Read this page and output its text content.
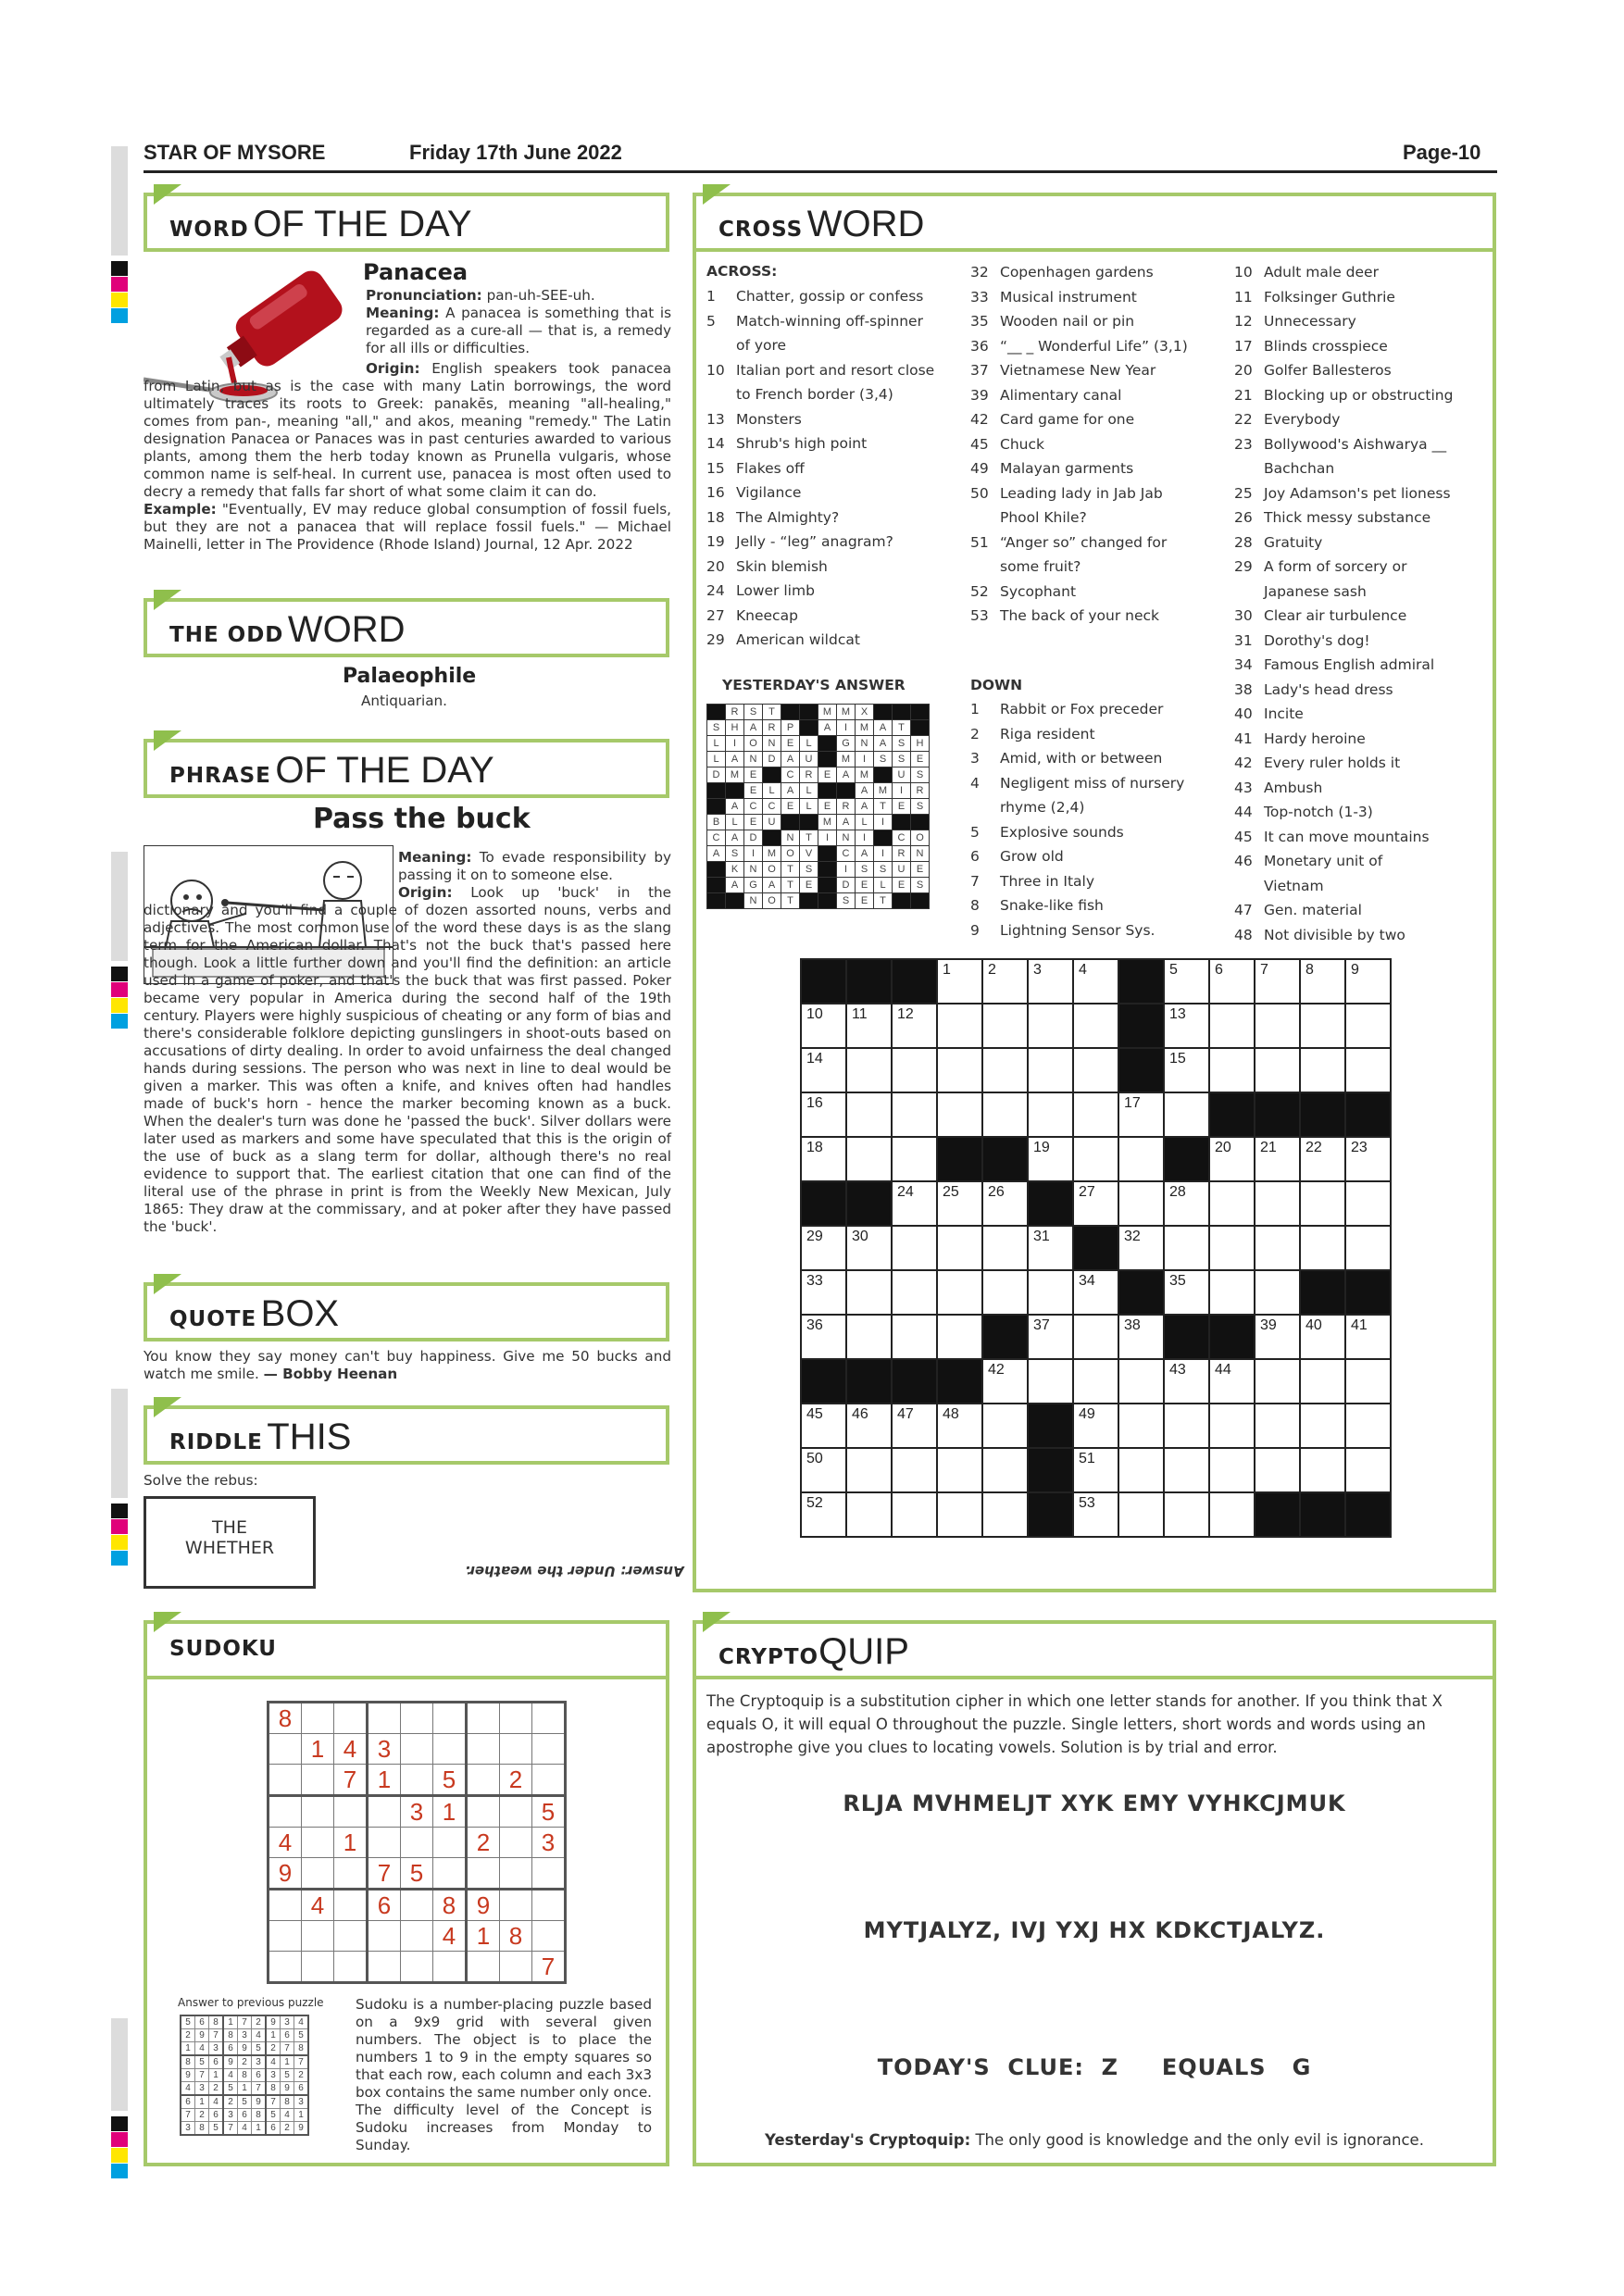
STAR OF MYSORE	Friday 17th June 2022	Page-10
WORD OF THE DAY
Panacea
Pronunciation: pan-uh-SEE-uh.
Meaning: A panacea is something that is regarded as a cure-all — that is, a remedy for all ills or difficulties.
Origin: English speakers took panacea from Latin, but as is the case with many Latin borrowings, the word ultimately traces its roots to Greek: panakēs, meaning "all-healing," comes from pan-, meaning "all," and akos, meaning "remedy." The Latin designation Panacea or Panaces was in past centuries awarded to various plants, among them the herb today known as Prunella vulgaris, whose common name is self-heal. In current use, panacea is most often used to decry a remedy that falls far short of what some claim it can do.
Example: "Eventually, EV may reduce global consumption of fossil fuels, but they are not a panacea that will replace fossil fuels." — Michael Mainelli, letter in The Providence (Rhode Island) Journal, 12 Apr. 2022
THE ODD WORD
Palaeophile
Antiquarian.
PHRASE OF THE DAY
Pass the buck
Meaning: To evade responsibility by passing it on to someone else.
Origin: Look up 'buck' in the dictionary and you'll find a couple of dozen assorted nouns, verbs and adjectives. The most common use of the word these days is as the slang term for the American dollar. That's not the buck that's passed here though. Look a little further down and you'll find the definition: an article used in a game of poker, and that's the buck that was first passed. Poker became very popular in America during the second half of the 19th century. Players were highly suspicious of cheating or any form of bias and there's considerable folklore depicting gunslingers in shoot-outs based on accusations of dirty dealing. In order to avoid unfairness the deal changed hands during sessions. The person who was next in line to deal would be given a marker. This was often a knife, and knives often had handles made of buck's horn - hence the marker becoming known as a buck. When the dealer's turn was done he 'passed the buck'. Silver dollars were later used as markers and some have speculated that this is the origin of the use of buck as a slang term for dollar, although there's no real evidence to support that. The earliest citation that one can find of the literal use of the phrase in print is from the Weekly New Mexican, July 1865: They draw at the commissary, and at poker after they have passed the 'buck'.
QUOTE BOX
You know they say money can't buy happiness. Give me 50 bucks and watch me smile. — Bobby Heenan
RIDDLE THIS
Solve the rebus:
THE
WHETHER
Answer: Under the weather.
SUDOKU
8								
	1	4	3					
		7	1		5		2	
				3	1			5
4		1				2		3
9			7	5				
	4		6		8	9		
					4	1	8	
								7
Answer to previous puzzle
5	6	8	1	7	2	9	3	4
2	9	7	8	3	4	1	6	5
1	4	3	6	9	5	2	7	8
8	5	6	9	2	3	4	1	7
9	7	1	4	8	6	3	5	2
4	3	2	5	1	7	8	9	6
6	1	4	2	5	9	7	8	3
7	2	6	3	6	8	5	4	1
3	8	5	7	4	1	6	2	9
Sudoku is a number-placing puzzle based on a 9x9 grid with several given numbers. The object is to place the numbers 1 to 9 in the empty squares so that each row, each column and each 3x3 box contains the same number only once. The difficulty level of the Concept is Sudoku increases from Monday to Sunday.
CROSS WORD
ACROSS:
1 Chatter, gossip or confess
5 Match-winning off-spinner
of yore
10 Italian port and resort close
to French border (3,4)
13 Monsters
14 Shrub's high point
15 Flakes off
16 Vigilance
18 The Almighty?
19 Jelly - “leg” anagram?
20 Skin blemish
24 Lower limb
27 Kneecap
29 American wildcat
32 Copenhagen gardens
33 Musical instrument
35 Wooden nail or pin
36 “__ _ Wonderful Life” (3,1)
37 Vietnamese New Year
39 Alimentary canal
42 Card game for one
45 Chuck
49 Malayan garments
50 Leading lady in Jab Jab
Phool Khile?
51 “Anger so” changed for
some fruit?
52 Sycophant
53 The back of your neck
DOWN
1 Rabbit or Fox preceder
2 Riga resident
3 Amid, with or between
4 Negligent miss of nursery
rhyme (2,4)
5 Explosive sounds
6 Grow old
7 Three in Italy
8 Snake-like fish
9 Lightning Sensor Sys.
10 Adult male deer
11 Folksinger Guthrie
12 Unnecessary
17 Blinds crosspiece
20 Golfer Ballesteros
21 Blocking up or obstructing
22 Everybody
23 Bollywood's Aishwarya __
Bachchan
25 Joy Adamson's pet lioness
26 Thick messy substance
28 Gratuity
29 A form of sorcery or
Japanese sash
30 Clear air turbulence
31 Dorothy's dog!
34 Famous English admiral
38 Lady's head dress
40 Incite
41 Hardy heroine
42 Every ruler holds it
43 Ambush
44 Top-notch (1-3)
45 It can move mountains
46 Monetary unit of
Vietnam
47 Gen. material
48 Not divisible by two
YESTERDAY'S ANSWER
	R	S	T			M	M	X			
S	H	A	R	P		A	I	M	A	T	
L	I	O	N	E	L		G	N	A	S	H
L	A	N	D	A	U		M	I	S	S	E
D	M	E		C	R	E	A	M		U	S
		E	L	A	L			A	M	I	R
	A	C	C	E	L	E	R	A	T	E	S
B	L	E	U			M	A	L	I		
C	A	D		N	T	I	N	I		C	O
A	S	I	M	O	V		C	A	I	R	N
	K	N	O	T	S		I	S	S	U	E
	A	G	A	T	E		D	E	L	E	S
		N	O	T			S	E	T		

			1	2	3	4		5	6	7	8	9

10	11	12						13				

14								15				

16							17					

18					19				20	21	22	23

		24	25	26		27		28				

29	30				31		32					

33						34		35				

36					37		38			39	40	41

				42				43	44			

45	46	47	48			49						

50						51						

52						53						

CRYPTOQUIP
The Cryptoquip is a substitution cipher in which one letter stands for another. If you think that X equals O, it will equal O throughout the puzzle. Single letters, short words and words using an apostrophe give you clues to locating vowels. Solution is by trial and error.
RLJA MVHMELJT XYK EMY VYHKCJMUK
MYTJALYZ, IVJ YXJ HX KDKCTJALYZ.
TODAY'S  CLUE:  Z     EQUALS   G
Yesterday's Cryptoquip: The only good is knowledge and the only evil is ignorance.
